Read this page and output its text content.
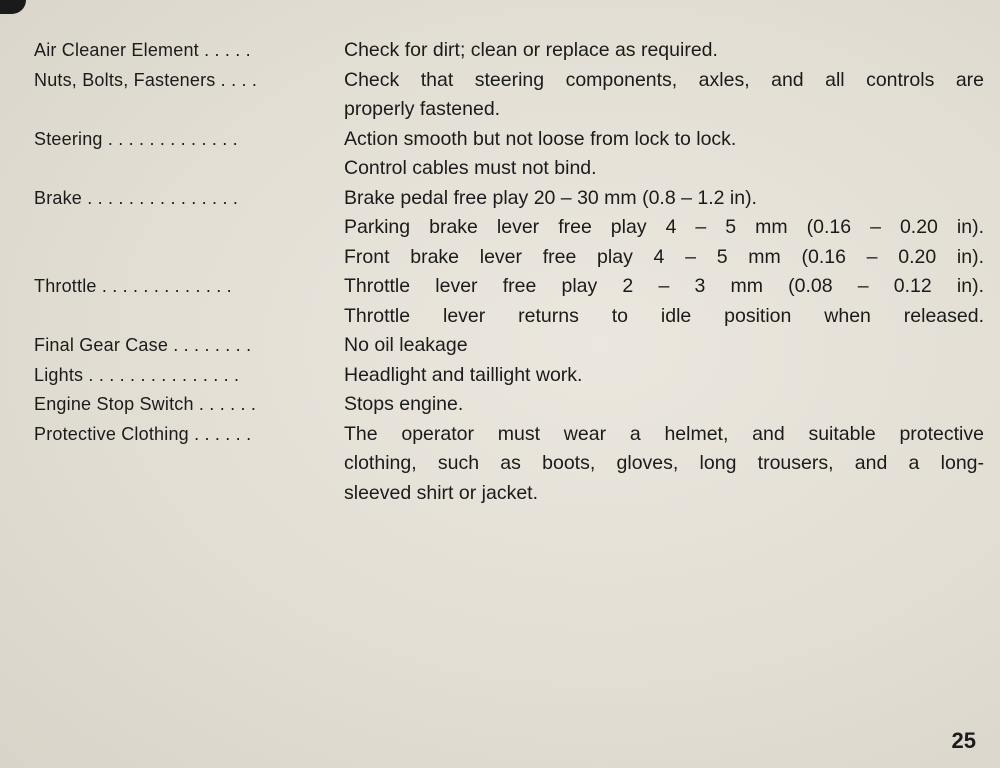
Air Cleaner Element . . . . .	Check for dirt; clean or replace as required.
Nuts, Bolts, Fasteners . . . .	Check that steering components, axles, and all controls are
properly fastened.
Steering . . . . . . . . . . . . .	Action smooth but not loose from lock to lock.
Control cables must not bind.
Brake . . . . . . . . . . . . . . .	Brake pedal free play 20 – 30 mm (0.8 – 1.2 in).
Parking brake lever free play 4 – 5 mm (0.16 – 0.20 in).
Front brake lever free play 4 – 5 mm (0.16 – 0.20 in).
Throttle . . . . . . . . . . . . .	Throttle lever free play 2 – 3 mm (0.08 – 0.12 in).
Throttle lever returns to idle position when released.
Final Gear Case . . . . . . . .	No oil leakage
Lights . . . . . . . . . . . . . . .	Headlight and taillight work.
Engine Stop Switch . . . . . .	Stops engine.
Protective Clothing . . . . . .	The operator must wear a helmet, and suitable protective
clothing, such as boots, gloves, long trousers, and a long-
sleeved shirt or jacket.
25
